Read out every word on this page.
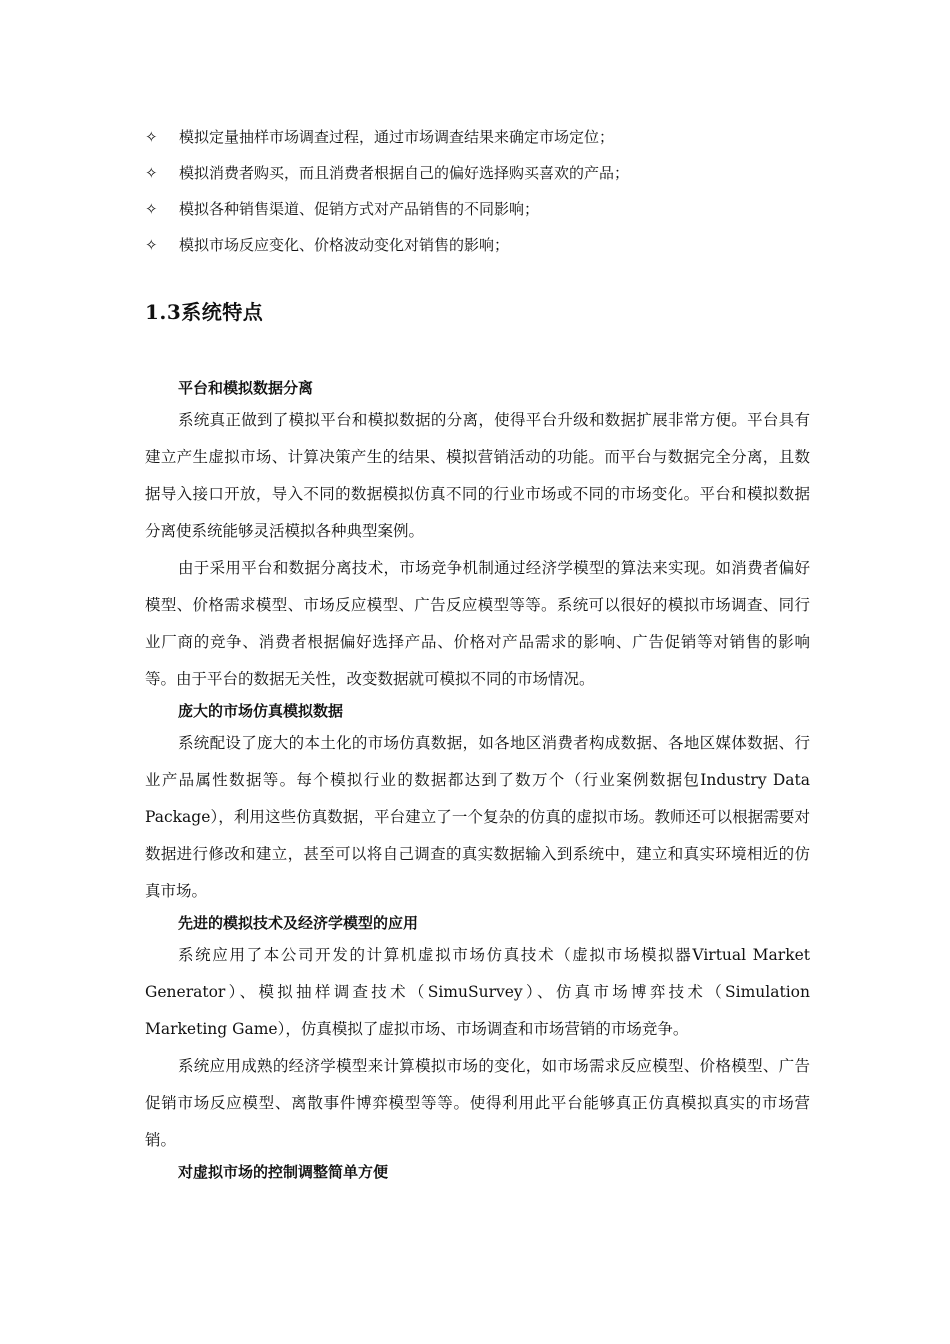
✧ 模拟定量抽样市场调查过程，通过市场调查结果来确定市场定位；
✧ 模拟消费者购买，而且消费者根据自己的偏好选择购买喜欢的产品；
✧ 模拟各种销售渠道、促销方式对产品销售的不同影响；
✧ 模拟市场反应变化、价格波动变化对销售的影响；
1.3系统特点
平台和模拟数据分离

系统真正做到了模拟平台和模拟数据的分离，使得平台升级和数据扩展非常方便。平台具有建立产生虚拟市场、计算决策产生的结果、模拟营销活动的功能。而平台与数据完全分离，且数据导入接口开放，导入不同的数据模拟仿真不同的行业市场或不同的市场变化。平台和模拟数据分离使系统能够灵活模拟各种典型案例。

由于采用平台和数据分离技术，市场竞争机制通过经济学模型的算法来实现。如消费者偏好模型、价格需求模型、市场反应模型、广告反应模型等等。系统可以很好的模拟市场调查、同行业厂商的竞争、消费者根据偏好选择产品、价格对产品需求的影响、广告促销等对销售的影响等。由于平台的数据无关性，改变数据就可模拟不同的市场情况。

庞大的市场仿真模拟数据

系统配设了庞大的本土化的市场仿真数据，如各地区消费者构成数据、各地区媒体数据、行业产品属性数据等。每个模拟行业的数据都达到了数万个（行业案例数据包Industry Data Package），利用这些仿真数据，平台建立了一个复杂的仿真的虚拟市场。教师还可以根据需要对数据进行修改和建立，甚至可以将自己调查的真实数据输入到系统中，建立和真实环境相近的仿真市场。

先进的模拟技术及经济学模型的应用

系统应用了本公司开发的计算机虚拟市场仿真技术（虚拟市场模拟器Virtual Market Generator）、模拟抽样调查技术（SimuSurvey）、仿真市场博弈技术（Simulation Marketing Game），仿真模拟了虚拟市场、市场调查和市场营销的市场竞争。

系统应用成熟的经济学模型来计算模拟市场的变化，如市场需求反应模型、价格模型、广告促销市场反应模型、离散事件博弈模型等等。使得利用此平台能够真正仿真模拟真实的市场营销。

对虚拟市场的控制调整简单方便
